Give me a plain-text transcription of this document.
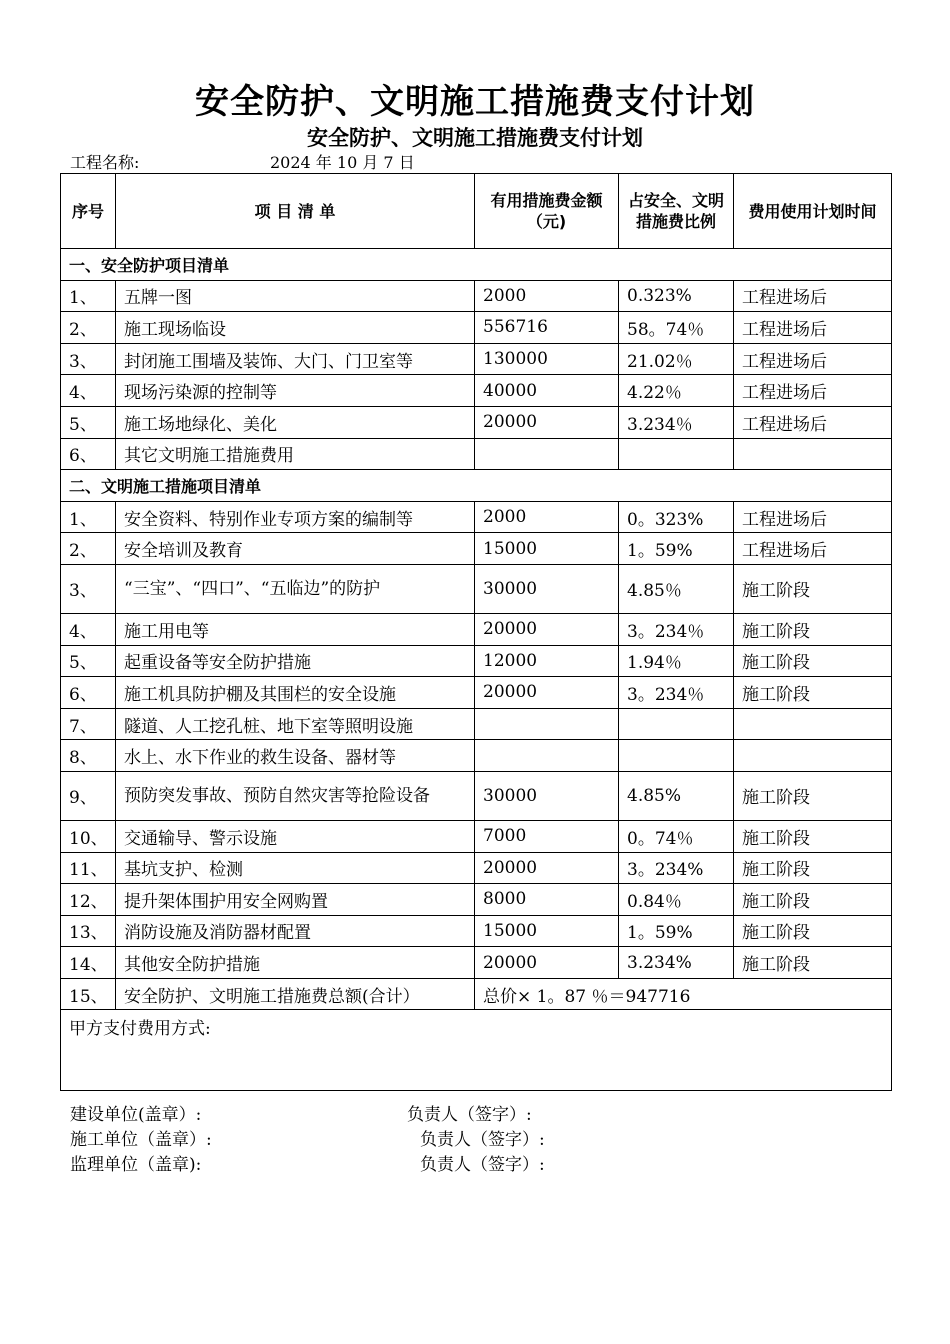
安全防护、文明施工措施费支付计划
安全防护、文明施工措施费支付计划
工程名称:	2024 年 10 月 7 日
序号	项 目 清 单	有用措施费金额（元)	占安全、文明措施费比例	费用使用计划时间
一、安全防护项目清单				
1、	五牌一图	2000	0.323%	工程进场后
2、	施工现场临设	556716	58。74％	工程进场后
3、	封闭施工围墙及装饰、大门、门卫室等	130000	21.02％	工程进场后
4、	现场污染源的控制等	40000	4.22％	工程进场后
5、	施工场地绿化、美化	20000	3.234％	工程进场后
6、	其它文明施工措施费用			
二、文明施工措施项目清单				
1、	安全资料、特别作业专项方案的编制等	2000	0。323%	工程进场后
2、	安全培训及教育	15000	1。59%	工程进场后
3、	“三宝”、“四口”、“五临边”的防护	30000	4.85％	施工阶段
4、	施工用电等	20000	3。234％	施工阶段
5、	起重设备等安全防护措施	12000	1.94％	施工阶段
6、	施工机具防护棚及其围栏的安全设施	20000	3。234％	施工阶段
7、	隧道、人工挖孔桩、地下室等照明设施			
8、	水上、水下作业的救生设备、器材等			
9、	预防突发事故、预防自然灾害等抢险设备	30000	4.85%	施工阶段
10、	交通输导、警示设施	7000	0。74％	施工阶段
11、	基坑支护、检测	20000	3。234%	施工阶段
12、	提升架体围护用安全网购置	8000	0.84％	施工阶段
13、	消防设施及消防器材配置	15000	1。59%	施工阶段
14、	其他安全防护措施	20000	3.234%	施工阶段
15、	安全防护、文明施工措施费总额(合计）	总价× 1。87 ％＝947716		
甲方支付费用方式:				
建设单位(盖章）:	负责人（签字）:
施工单位（盖章）:	负责人（签字）:
监理单位（盖章):	负责人（签字）:
